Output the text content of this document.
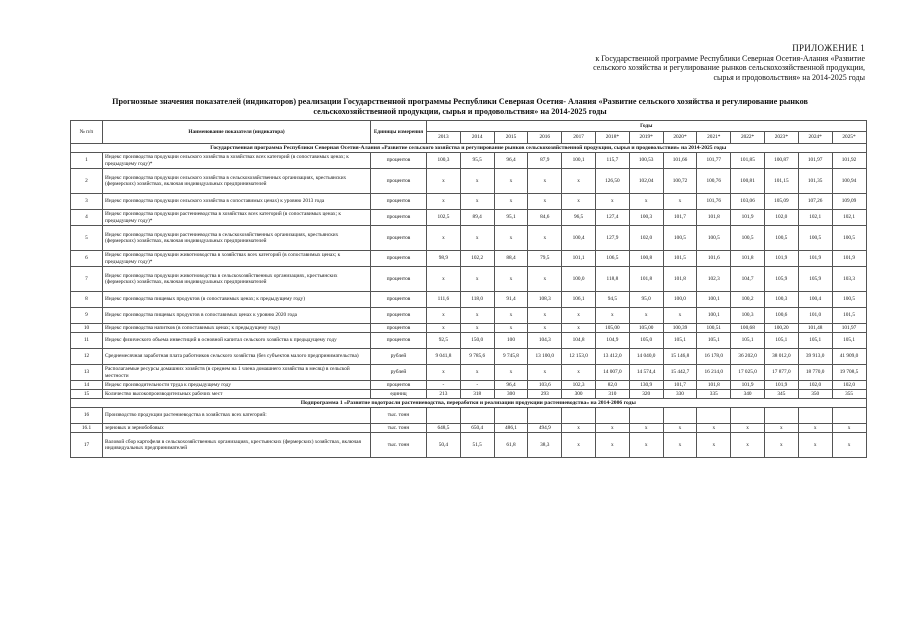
ПРИЛОЖЕНИЕ 1
к Государственной программе Республики Северная Осетия-Алания «Развитие
сельского хозяйства и регулирование рынков сельскохозяйственной продукции,
сырья и продовольствия» на 2014-2025 годы
Прогнозные значения показателей (индикаторов) реализации Государственной программы Республики Северная Осетия- Алания «Развитие сельского хозяйства и регулирование рынков
сельскохозяйственной продукции, сырья и продовольствия» на 2014-2025 годы
№ п/п	Наименование показателя (индикатора)	Единицы измерения	Годы												
			2013	2014	2015	2016	2017	2018*	2019*	2020*	2021*	2022*	2023*	2024*	2025*
Государственная программа Республики Северная Осетия-Алания «Развитие сельского хозяйства и регулирование рынков сельскохозяйственной продукции, сырья и продовольствия» на 2014-2025 годы															
1	Индекс производства продукции сельского хозяйства в хозяйствах всех категорий (в сопоставимых ценах; к предыдущему году)*	процентов	100,3	95,5	96,4	87,9	100,1	115,7	100,53	101,66	101,77	101,85	100,87	101,97	101,92
2	Индекс производства продукции сельского хозяйства в сельскохозяйственных организациях, крестьянских (фермерских) хозяйствах, включая индивидуальных предпринимателей	процентов	x	x	x	x	x	126,50	102,04	100,72	100,76	100,81	101,15	101,35	100,94
3	Индекс производства продукции сельского хозяйства в сопоставимых ценах) к уровню 2013 года	процентов	x	x	x	x	x	x	x	x	101,76	103,06	105,09	107,26	109,09
4	Индекс производства продукции растениеводства в хозяйствах всех категорий (в сопоставимых ценах; к предыдущему году)*	процентов	102,5	89,4	95,1	84,6	96,5	127,4	100,3	101,7	101,8	101,9	102,0	102,1	102,1
5	Индекс производства продукции растениеводства в сельскохозяйственных организациях, крестьянских (фермерских) хозяйствах, включая индивидуальных предпринимателей	процентов	x	x	x	x	100,4	127,9	102,0	100,5	100,5	100,5	100,5	100,5	100,5
6	Индекс производства продукции животноводства в хозяйствах всех категорий (в сопоставимых ценах; к предыдущему году)*	процентов	98,9	102,2	88,4	79,5	101,1	106,5	100,8	101,5	101,6	101,8	101,9	101,9	101,9
7	Индекс производства продукции животноводства в сельскохозяйственных организациях, крестьянских (фермерских) хозяйствах, включая индивидуальных предпринимателей	процентов	x	x	x	x	100,0	118,8	101,8	101,8	102,3	104,7	105,9	105,9	103,3
8	Индекс производства пищевых продуктов (в сопоставимых ценах; к предыдущему году)	процентов	111,6	118,0	91,4	108,3	106,1	94,5	95,0	100,0	100,1	100,2	100,3	100,4	100,5
9	Индекс производства пищевых продуктов в сопоставимых ценах к уровню 2020 года	процентов	x	x	x	x	x	x	x	x	100,1	100,3	100,6	101,0	101,5
10	Индекс производства напитков (в сопоставимых ценах; к предыдущему году)	процентов	x	x	x	x	x	105,00	105,00	100,39	100,51	100,68	100,20	101,48	101,97
11	Индекс физического объема инвестиций в основной капитал сельского хозяйства к предыдущему году	процентов	92,5	150,0	100	104,3	104,8	104,9	105,0	105,1	105,1	105,1	105,1	105,1	105,1
12	Среднемесячная заработная плата работников сельского хозяйства (без субъектов малого предпринимательства)	рублей	9 041,8	9 785,6	9 745,8	13 100,0	12 153,0	13 412,0	14 040,0	15 146,8	16 178,0	36 202,0	38 012,0	39 913,0	41 909,0
13	Располагаемые ресурсы домашних хозяйств (в среднем на 1 члена домашнего хозяйства в месяц) в сельской местности	рублей	x	x	x	x	x	14 007,0	14 574,4	15 442,7	16 214,0	17 025,0	17 877,0	18 770,0	19 708,5
14	Индекс производительности труда к предыдущему году	процентов	-	-	96,4	103,6	102,3	82,0	130,9	101,7	101,8	101,9	101,9	102,0	102,0
15	Количество высокопроизводительных рабочих мест	единиц	213	318	300	293	300	310	320	330	335	340	345	350	355
Подпрограмма 1 «Развитие подотрасли растениеводства, переработки и реализации продукции растениеводства» на 2014-2006 годы															
16	Производство продукции растениеводства в хозяйствах всех категорий:	тыс. тонн													
16.1	зерновых и зернобобовых	тыс. тонн	648,5	650,4	486,1	494,9	x	x	x	x	x	x	x	x	x
17	Валовой сбор картофеля в сельскохозяйственных организациях, крестьянских (фермерских) хозяйствах, включая индивидуальных предпринимателей	тыс. тонн	50,4	51,5	61,8	38,3	x	x	x	x	x	x	x	x	x
